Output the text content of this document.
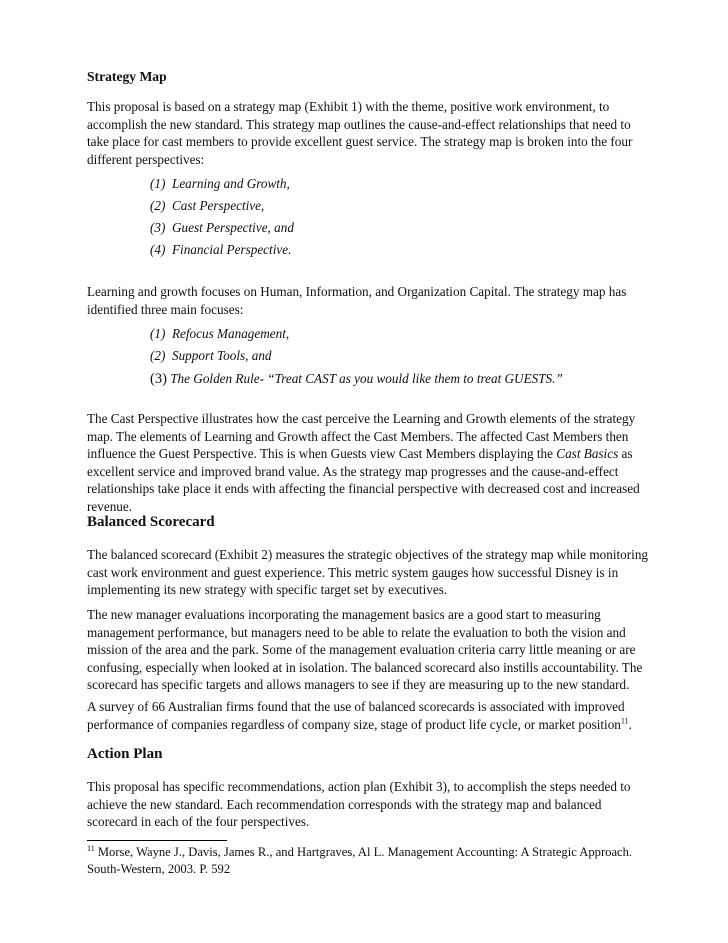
Strategy Map

This proposal is based on a strategy map (Exhibit 1) with the theme, positive work environment, to accomplish the new standard. This strategy map outlines the cause-and-effect relationships that need to take place for cast members to provide excellent guest service. The strategy map is broken into the four different perspectives:

(1) Learning and Growth,
(2) Cast Perspective,
(3) Guest Perspective, and
(4) Financial Perspective.

Learning and growth focuses on Human, Information, and Organization Capital. The strategy map has identified three main focuses:

(1) Refocus Management,
(2) Support Tools, and
(3) The Golden Rule- “Treat CAST as you would like them to treat GUESTS.”

The Cast Perspective illustrates how the cast perceive the Learning and Growth elements of the strategy map. The elements of Learning and Growth affect the Cast Members. The affected Cast Members then influence the Guest Perspective. This is when Guests view Cast Members displaying the Cast Basics as excellent service and improved brand value. As the strategy map progresses and the cause-and-effect relationships take place it ends with affecting the financial perspective with decreased cost and increased revenue.

Balanced Scorecard

The balanced scorecard (Exhibit 2) measures the strategic objectives of the strategy map while monitoring cast work environment and guest experience. This metric system gauges how successful Disney is in implementing its new strategy with specific target set by executives.

The new manager evaluations incorporating the management basics are a good start to measuring management performance, but managers need to be able to relate the evaluation to both the vision and mission of the area and the park. Some of the management evaluation criteria carry little meaning or are confusing, especially when looked at in isolation. The balanced scorecard also instills accountability. The scorecard has specific targets and allows managers to see if they are measuring up to the new standard.

A survey of 66 Australian firms found that the use of balanced scorecards is associated with improved performance of companies regardless of company size, stage of product life cycle, or market position$^{11}$.

Action Plan

This proposal has specific recommendations, action plan (Exhibit 3), to accomplish the steps needed to achieve the new standard. Each recommendation corresponds with the strategy map and balanced scorecard in each of the four perspectives.

$^{11}$ Morse, Wayne J., Davis, James R., and Hartgraves, Al L. Management Accounting: A Strategic Approach. South-Western, 2003. P. 592
